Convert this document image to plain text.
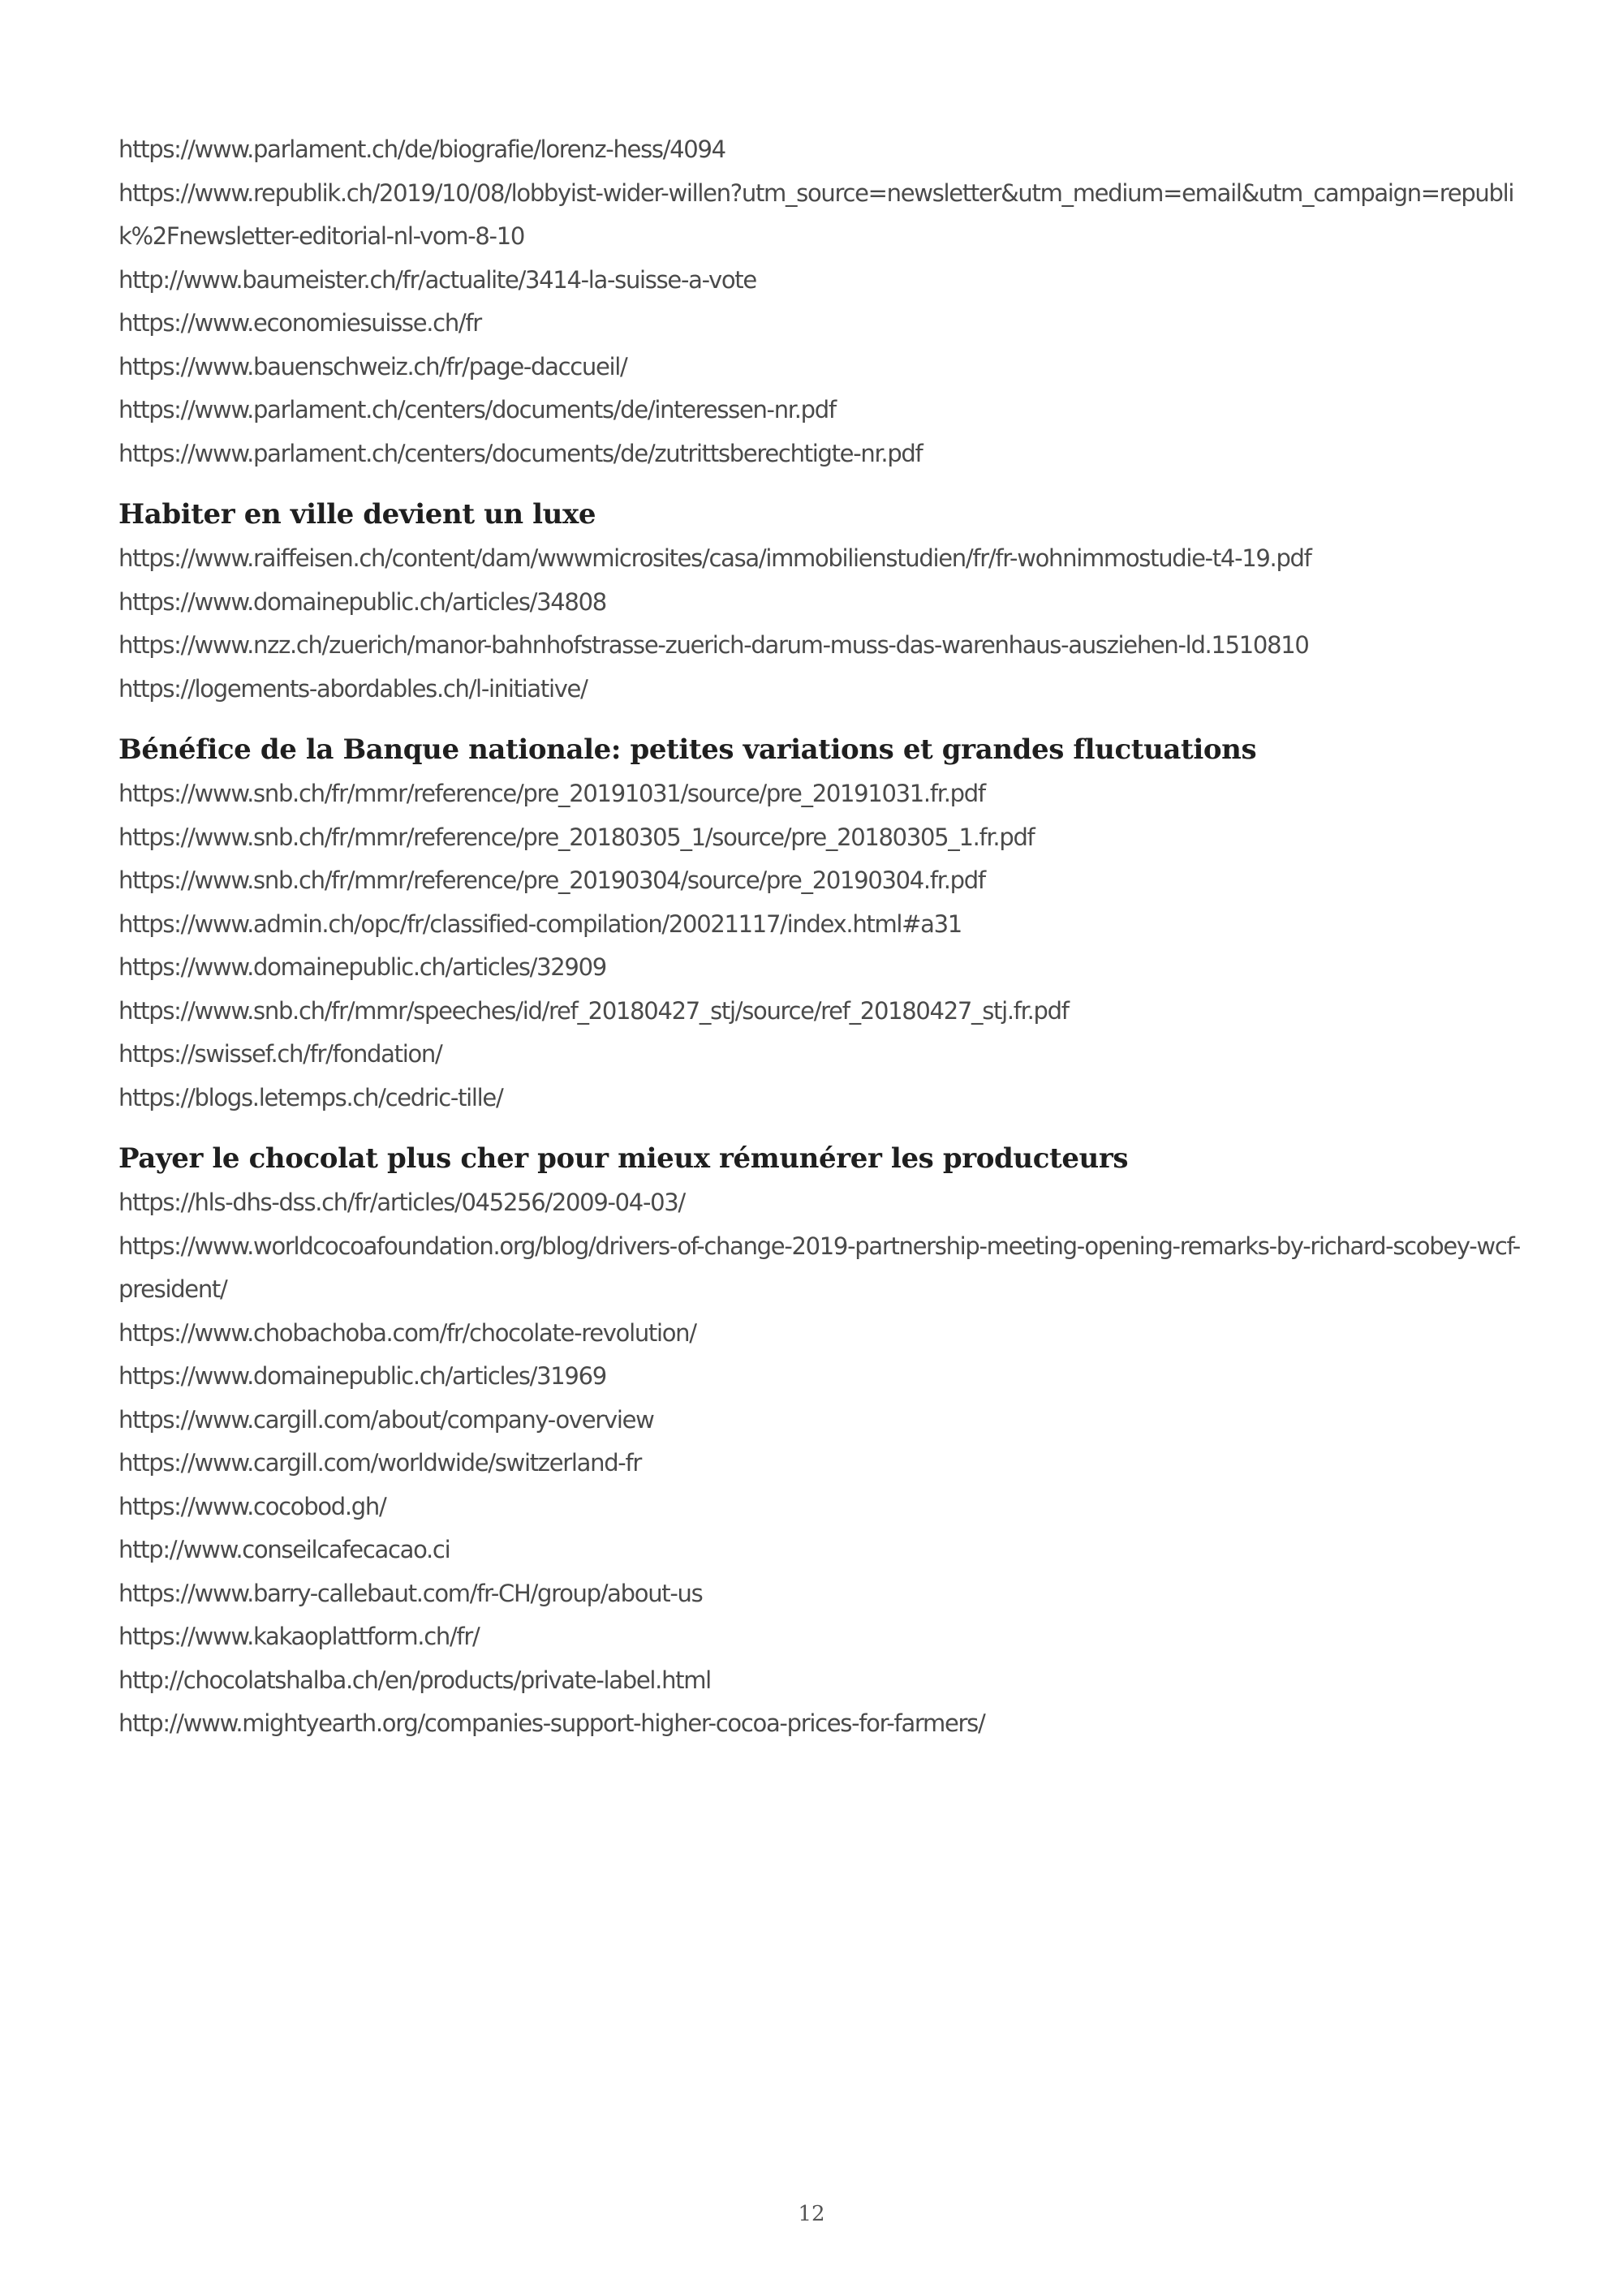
https://www.parlament.ch/de/biografie/lorenz-hess/4094
https://www.republik.ch/2019/10/08/lobbyist-wider-willen?utm_source=newsletter&utm_medium=email&utm_campaign=republik%2Fnewsletter-editorial-nl-vom-8-10
http://www.baumeister.ch/fr/actualite/3414-la-suisse-a-vote
https://www.economiesuisse.ch/fr
https://www.bauenschweiz.ch/fr/page-daccueil/
https://www.parlament.ch/centers/documents/de/interessen-nr.pdf
https://www.parlament.ch/centers/documents/de/zutrittsberechtigte-nr.pdf
Habiter en ville devient un luxe
https://www.raiffeisen.ch/content/dam/wwwmicrosites/casa/immobilienstudien/fr/fr-wohnimmostudie-t4-19.pdf
https://www.domainepublic.ch/articles/34808
https://www.nzz.ch/zuerich/manor-bahnhofstrasse-zuerich-darum-muss-das-warenhaus-ausziehen-ld.1510810
https://logements-abordables.ch/l-initiative/
Bénéfice de la Banque nationale: petites variations et grandes fluctuations
https://www.snb.ch/fr/mmr/reference/pre_20191031/source/pre_20191031.fr.pdf
https://www.snb.ch/fr/mmr/reference/pre_20180305_1/source/pre_20180305_1.fr.pdf
https://www.snb.ch/fr/mmr/reference/pre_20190304/source/pre_20190304.fr.pdf
https://www.admin.ch/opc/fr/classified-compilation/20021117/index.html#a31
https://www.domainepublic.ch/articles/32909
https://www.snb.ch/fr/mmr/speeches/id/ref_20180427_stj/source/ref_20180427_stj.fr.pdf
https://swissef.ch/fr/fondation/
https://blogs.letemps.ch/cedric-tille/
Payer le chocolat plus cher pour mieux rémunérer les producteurs
https://hls-dhs-dss.ch/fr/articles/045256/2009-04-03/
https://www.worldcocoafoundation.org/blog/drivers-of-change-2019-partnership-meeting-opening-remarks-by-richard-scobey-wcf-president/
https://www.chobachoba.com/fr/chocolate-revolution/
https://www.domainepublic.ch/articles/31969
https://www.cargill.com/about/company-overview
https://www.cargill.com/worldwide/switzerland-fr
https://www.cocobod.gh/
http://www.conseilcafecacao.ci
https://www.barry-callebaut.com/fr-CH/group/about-us
https://www.kakaoplattform.ch/fr/
http://chocolatshalba.ch/en/products/private-label.html
http://www.mightyearth.org/companies-support-higher-cocoa-prices-for-farmers/
12
